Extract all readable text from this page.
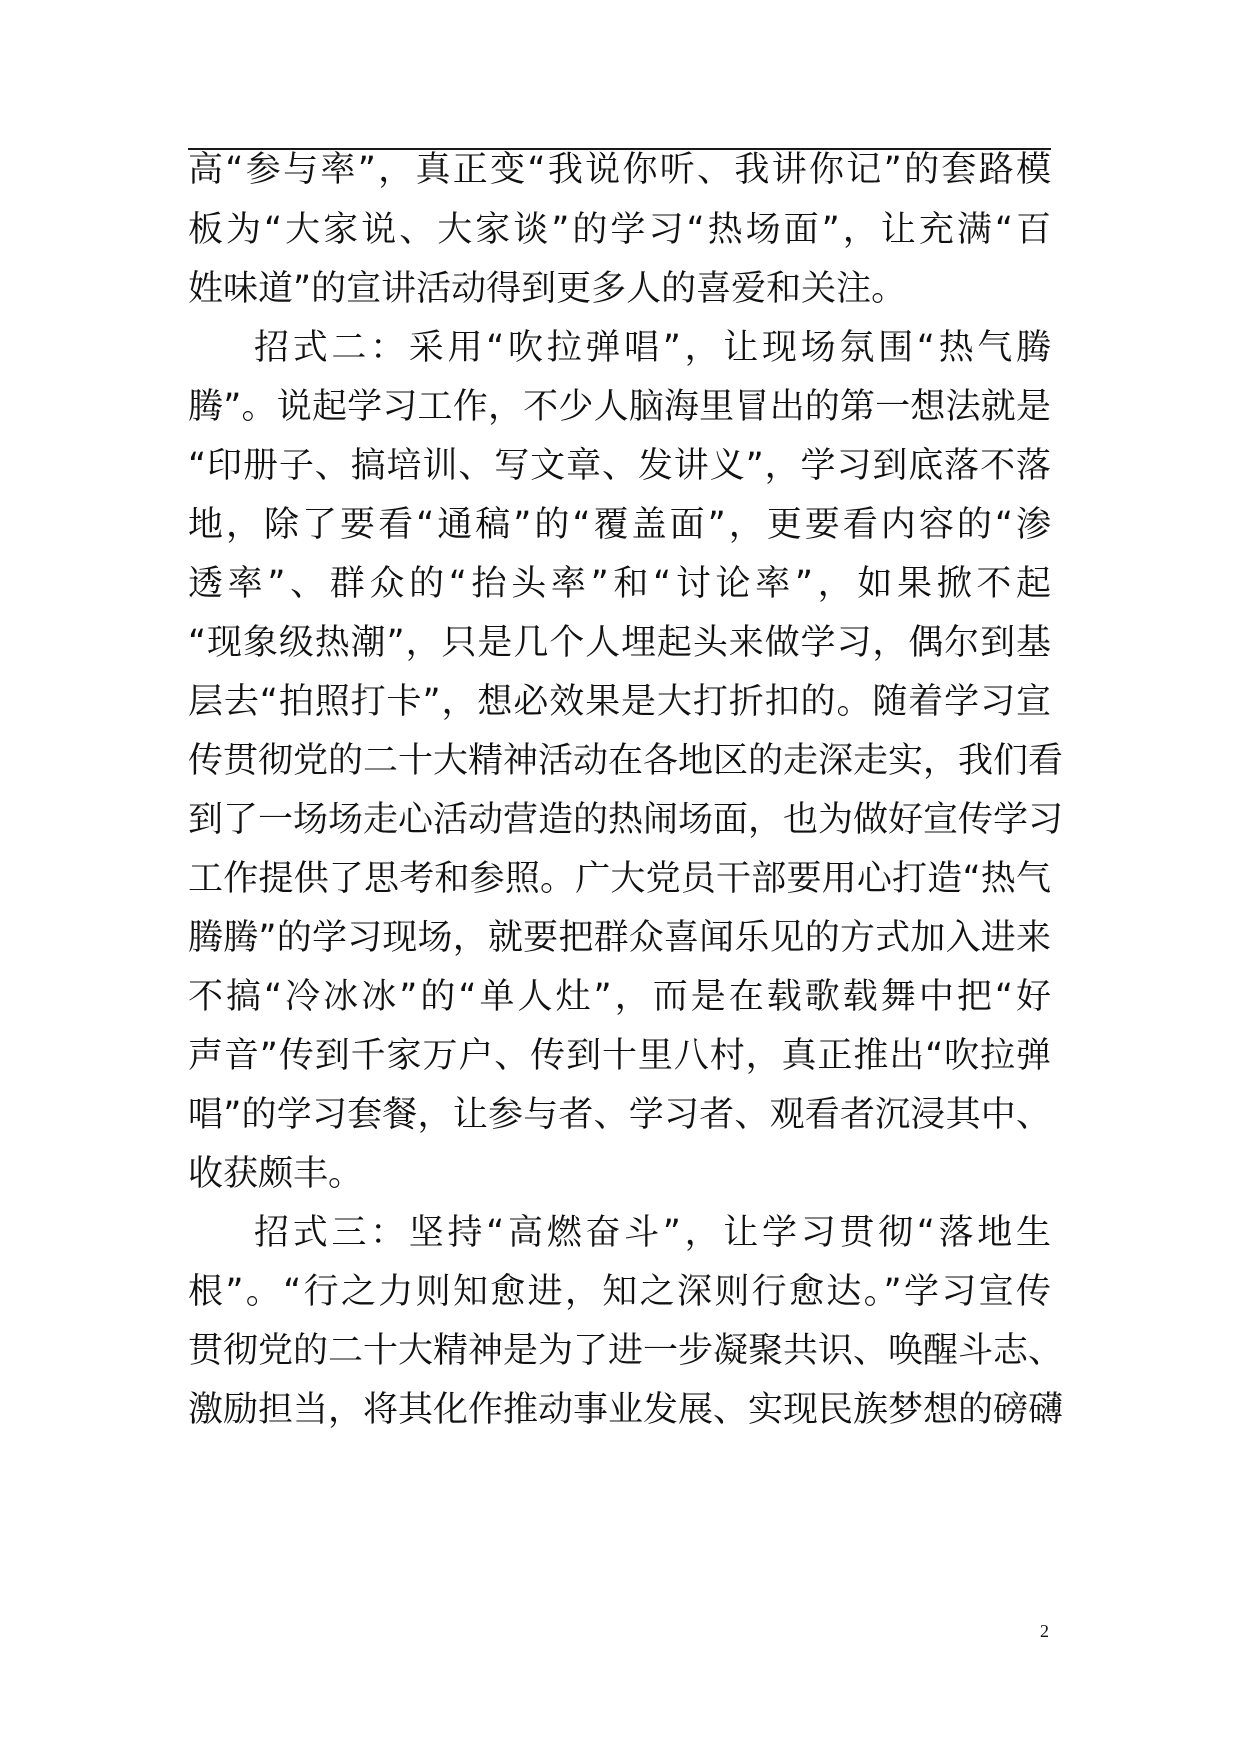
高“参与率”，真正变“我说你听、我讲你记”的套路模
板为“大家说、大家谈”的学习“热场面”，让充满“百
姓味道”的宣讲活动得到更多人的喜爱和关注。
招式二：采用“吹拉弹唱”，让现场氛围“热气腾
腾”。说起学习工作，不少人脑海里冒出的第一想法就是
“印册子、搞培训、写文章、发讲义”，学习到底落不落
地，除了要看“通稿”的“覆盖面”，更要看内容的“渗
透率”、群众的“抬头率”和“讨论率”，如果掀不起
“现象级热潮”，只是几个人埋起头来做学习，偶尔到基
层去“拍照打卡”，想必效果是大打折扣的。随着学习宣
传贯彻党的二十大精神活动在各地区的走深走实，我们看
到了一场场走心活动营造的热闹场面，也为做好宣传学习
工作提供了思考和参照。广大党员干部要用心打造“热气
腾腾”的学习现场，就要把群众喜闻乐见的方式加入进来
不搞“冷冰冰”的“单人灶”，而是在载歌载舞中把“好
声音”传到千家万户、传到十里八村，真正推出“吹拉弹
唱”的学习套餐，让参与者、学习者、观看者沉浸其中、
收获颇丰。
招式三：坚持“高燃奋斗”，让学习贯彻“落地生
根”。“行之力则知愈进，知之深则行愈达。”学习宣传
贯彻党的二十大精神是为了进一步凝聚共识、唤醒斗志、
激励担当，将其化作推动事业发展、实现民族梦想的磅礴
2
